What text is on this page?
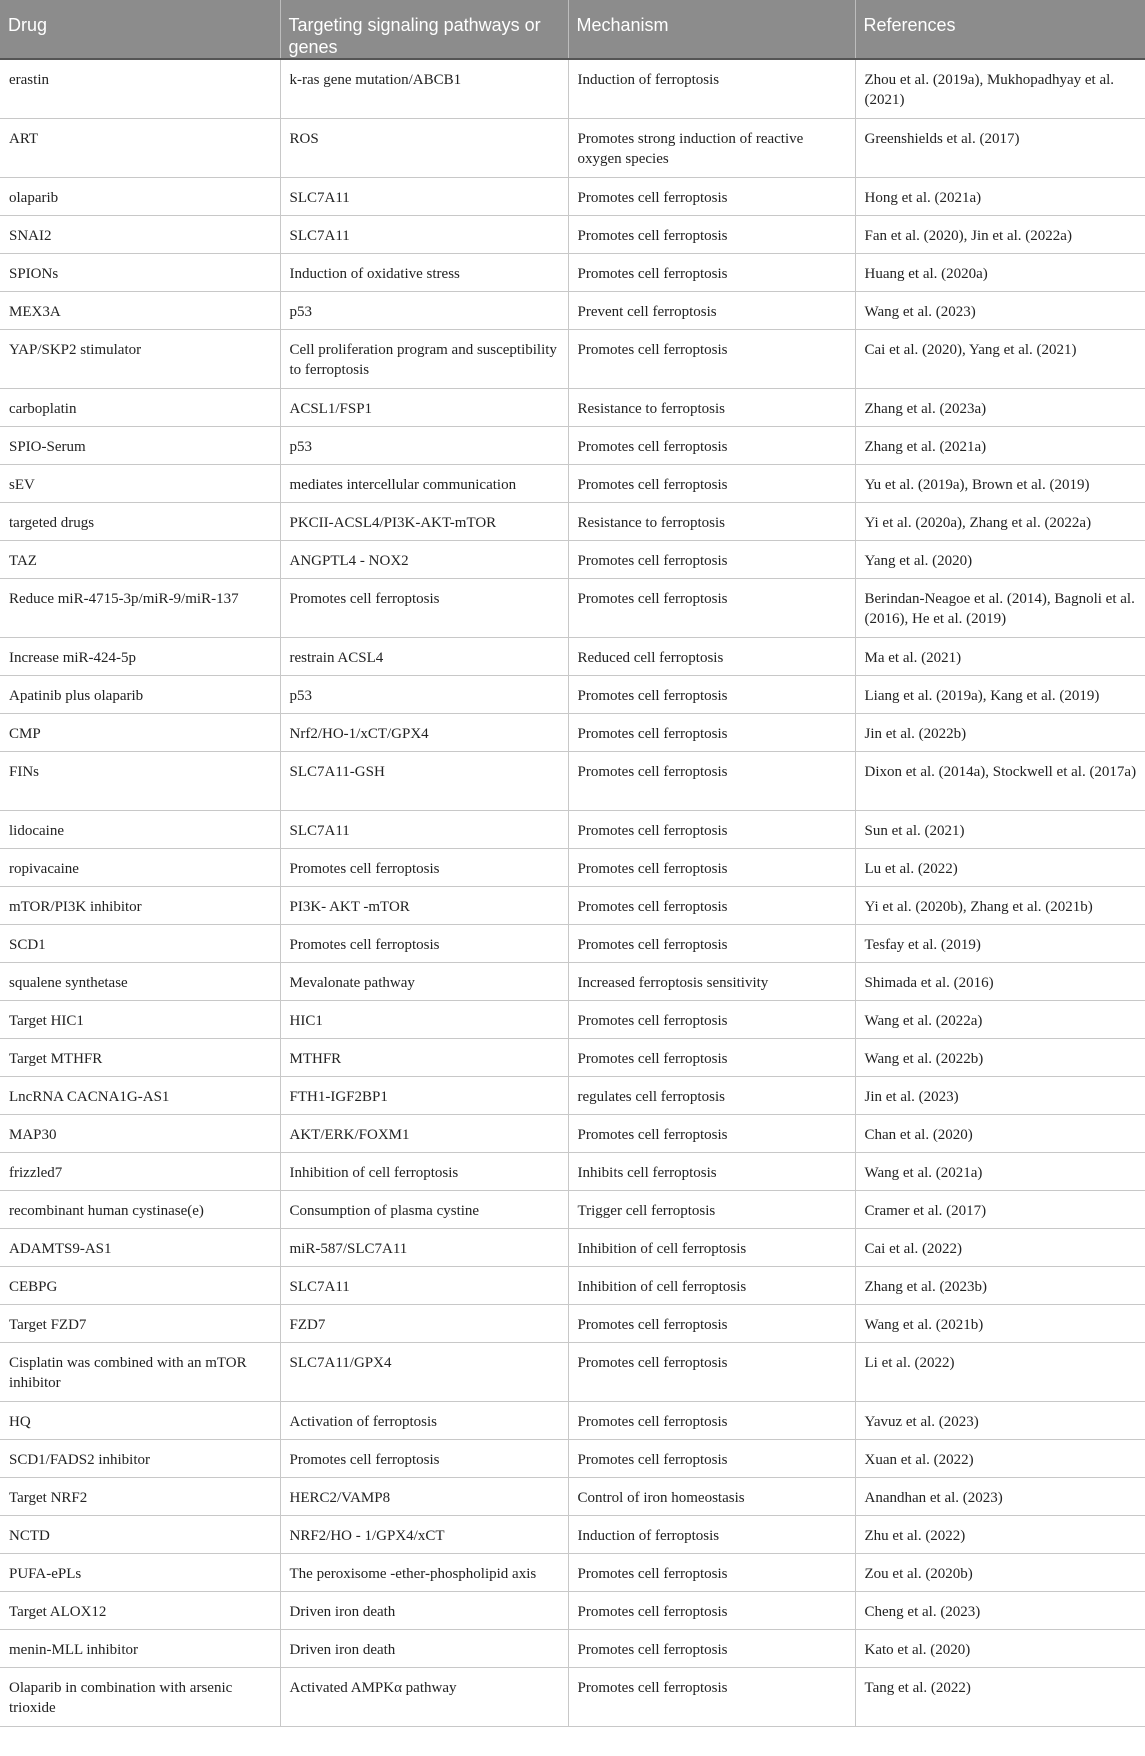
Drug	Targeting signaling pathways or genes	Mechanism	References
erastin	k-ras gene mutation/ABCB1	Induction of ferroptosis	Zhou et al. (2019a), Mukhopadhyay et al. (2021)
ART	ROS	Promotes strong induction of reactive oxygen species	Greenshields et al. (2017)
olaparib	SLC7A11	Promotes cell ferroptosis	Hong et al. (2021a)
SNAI2	SLC7A11	Promotes cell ferroptosis	Fan et al. (2020), Jin et al. (2022a)
SPIONs	Induction of oxidative stress	Promotes cell ferroptosis	Huang et al. (2020a)
MEX3A	p53	Prevent cell ferroptosis	Wang et al. (2023)
YAP/SKP2 stimulator	Cell proliferation program and susceptibility to ferroptosis	Promotes cell ferroptosis	Cai et al. (2020), Yang et al. (2021)
carboplatin	ACSL1/FSP1	Resistance to ferroptosis	Zhang et al. (2023a)
SPIO-Serum	p53	Promotes cell ferroptosis	Zhang et al. (2021a)
sEV	mediates intercellular communication	Promotes cell ferroptosis	Yu et al. (2019a), Brown et al. (2019)
targeted drugs	PKCII-ACSL4/PI3K-AKT-mTOR	Resistance to ferroptosis	Yi et al. (2020a), Zhang et al. (2022a)
TAZ	ANGPTL4 - NOX2	Promotes cell ferroptosis	Yang et al. (2020)
Reduce miR-4715-3p/miR-9/miR-137	Promotes cell ferroptosis	Promotes cell ferroptosis	Berindan-Neagoe et al. (2014), Bagnoli et al. (2016), He et al. (2019)
Increase miR-424-5p	restrain ACSL4	Reduced cell ferroptosis	Ma et al. (2021)
Apatinib plus olaparib	p53	Promotes cell ferroptosis	Liang et al. (2019a), Kang et al. (2019)
CMP	Nrf2/HO-1/xCT/GPX4	Promotes cell ferroptosis	Jin et al. (2022b)
FINs	SLC7A11-GSH	Promotes cell ferroptosis	Dixon et al. (2014a), Stockwell et al. (2017a)
lidocaine	SLC7A11	Promotes cell ferroptosis	Sun et al. (2021)
ropivacaine	Promotes cell ferroptosis	Promotes cell ferroptosis	Lu et al. (2022)
mTOR/PI3K inhibitor	PI3K- AKT -mTOR	Promotes cell ferroptosis	Yi et al. (2020b), Zhang et al. (2021b)
SCD1	Promotes cell ferroptosis	Promotes cell ferroptosis	Tesfay et al. (2019)
squalene synthetase	Mevalonate pathway	Increased ferroptosis sensitivity	Shimada et al. (2016)
Target HIC1	HIC1	Promotes cell ferroptosis	Wang et al. (2022a)
Target MTHFR	MTHFR	Promotes cell ferroptosis	Wang et al. (2022b)
LncRNA CACNA1G-AS1	FTH1-IGF2BP1	regulates cell ferroptosis	Jin et al. (2023)
MAP30	AKT/ERK/FOXM1	Promotes cell ferroptosis	Chan et al. (2020)
frizzled7	Inhibition of cell ferroptosis	Inhibits cell ferroptosis	Wang et al. (2021a)
recombinant human cystinase(e)	Consumption of plasma cystine	Trigger cell ferroptosis	Cramer et al. (2017)
ADAMTS9-AS1	miR-587/SLC7A11	Inhibition of cell ferroptosis	Cai et al. (2022)
CEBPG	SLC7A11	Inhibition of cell ferroptosis	Zhang et al. (2023b)
Target FZD7	FZD7	Promotes cell ferroptosis	Wang et al. (2021b)
Cisplatin was combined with an mTOR inhibitor	SLC7A11/GPX4	Promotes cell ferroptosis	Li et al. (2022)
HQ	Activation of ferroptosis	Promotes cell ferroptosis	Yavuz et al. (2023)
SCD1/FADS2 inhibitor	Promotes cell ferroptosis	Promotes cell ferroptosis	Xuan et al. (2022)
Target NRF2	HERC2/VAMP8	Control of iron homeostasis	Anandhan et al. (2023)
NCTD	NRF2/HO - 1/GPX4/xCT	Induction of ferroptosis	Zhu et al. (2022)
PUFA-ePLs	The peroxisome -ether-phospholipid axis	Promotes cell ferroptosis	Zou et al. (2020b)
Target ALOX12	Driven iron death	Promotes cell ferroptosis	Cheng et al. (2023)
menin-MLL inhibitor	Driven iron death	Promotes cell ferroptosis	Kato et al. (2020)
Olaparib in combination with arsenic trioxide	Activated AMPKα pathway	Promotes cell ferroptosis	Tang et al. (2022)
